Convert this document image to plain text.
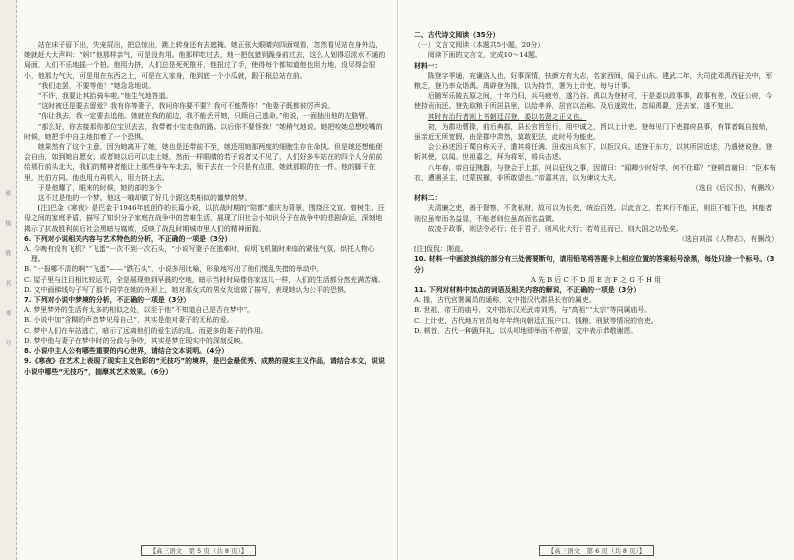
班
级
姓
名
考
号

站在床子眉下出，失宠屁出，把总惊出，跳上转身还有去遮掩。她正张大眼睛向四面观看，忽然看见站在身外边，她就赶大大声叫：“妈!”他那样亲气，可是没有用。他那样吃过去，地一把包猎到跪身前过去，这么人划得忍浓水不通的局面，人们不乐地摇一个拍。他用力挤，人们总是死死推开，他扭过了手，使得每个都知道他也用力地，没尽得会很小，他那力气大，可是用在东西之上，可是在人家身，他到底一个小瓜就，跟于根总站在前。

“我们走罢，不要等他！”她急急地说。

“不许，我要让其抬骑车啦。”他生气地答道。

“这时被还是要去留爱？我有你等妻子，我问你你要不要？我可不能帮你！”他妻子既都彼厉声说。

“你让我去，我一定要去追他。她就在我的前边，我不能丢开她，只顾自己逃命。”他说，一面抽出他的左胳臂。

“那么好，你去接那你那位宝贝去去，我带着小宝走我的路。以后你不要怪我！”她稍气地说。她把咬她总想咬嘴的时候，她把手中自主地扣着了一个恐惧。

她果然有了这个主意，因为她离开了她，她也是还带前不至，她还用她那两度的细胞生存在命执。但是她还想能便会自由，如到她自愿女，或者她以后可以走上她，然而一样眼睛的若子说者又不见了，人们好多车站在的四个人分前前给那行前头北大，我们的精神者能让上那些身车车北去，领干去在一个只是有点很，她就那眼的在一件。他的脚干在里，比伯方同。他也用力再机入，用力挤上去。

于是他耀了，眼来的时候，她的部的多个

这不过是他的一个梦。他这一哦却做了好几个跟这类相似的噩梦的梦。

[注]巴金《寒夜》是巴金于1946年底创作的长篇小说，以抗战时期的“陪都”重庆为背景，围绕汪文宣、曾树生、汪母之间的家庭矛盾，描写了知识分子家庭在战争中的苦难生活，展现了旧社会小知识分子在战争中的悲剧命运，深刻地揭示了抗战胜利前后社会黑暗与腐败，反映了战乱时期城市里人们的精神面貌。

6. 下列对小说相关内容与艺术特色的分析，不正确的一项是（3分）

A. 今晚有没有飞机？“飞蛋”一次不到一次石头，“小说写妻子在逃难时，说明飞机随时来临的紧张气氛，烘托人物心理。

B. “一报哪不清的啊”“飞蛋”——“跌石头”，小说多用比喻，形象地写出了他们慌乱失措的举动中。

C. 屋子里与注目相比较运荒，全是展现他到早晨的空地，暗示当时时局像你家这儿一样，人们的生活都分然充满苦痛。

D. 文中画梯线句子写了那个同学在她的外形上，她对那女式的男女友谊做了描写，表现她认为公平的恐惧。

7. 下列对小说中梦境的分析，不正确的一项是（3分）

A. 梦里梦外的生活有太多的相似之处，以至于他“不知道自己是否在梦中”。

B. 小说中加“含糊的声音梦见母自己”，其实是他对妻子的无私的爱。

C. 梦中人们在车站逃亡，暗示了远离他们的爱生活的乱、而更多的妻子的作用。

D. 梦中他与妻子在梦中时的分歧与争吵，其实是梦在现实中的深刻反映。

8. 小说中主人公有哪些重要的内心世界，请结合文本说明。（4分）

9.《寒夜》在艺术上表现了现实主义色彩的“无技巧”的境界，是巴金最优秀、成熟的现实主义作品，请结合本文，说说小说中哪些“无技巧”，揣摩其艺术效果。（6分）

【高三语文　第 5 页（共 8 页）】

二、古代诗文阅读（35分）

（一）文言文阅读（本题共5小题，20分）

阅读下面的文言文，完成10～14题。

材料一：

陈登字季通，兖谦洛人也，好事深情，扶颜方有大志，名家西间，闻于山东。建武二年，大司徒邓禹西征关中，军粮乏，登乃率众诣禹。禹辟登为掾，以为持节，署为上计吏，每与计事。

后随军乐陵五原之间，十年乃归，兵马疲劳，遂乃谷。禹以为登材可，于是委以政事事，政事有差，改征公府，今使持贡而还。登先取粮于所居县里，以给孝养，居官以治称。及后遂致仕，忽闻禹薨，还去家，遂不复出。

其时有治行者则上书朝廷召登，委以名贤之正义也。

初，为郡功曹掾，前后典郡，县长官旨至行，用中诚之，旨以上计吏。登每见门下吏郡府县事，有罪者辄自按劾，虽亲近无所宽假，由是郡中肃然，莫敢犯法，此时号为能吏。

会公孙述因于蜀自称天子，遣其将任满、田戎出兵东下，以拒汉兵。述登于东方，以其所居近述，乃遣使说登。登斩其使，以闻。世祖嘉之，拜为将军，将兵击述。

八年春，帝自征隗嚣，与登会于上邽，问以征伐之事，因谓曰：“闻卿少时好学，何不仕耶？”登顿首谢曰：“臣本布衣，遭遇圣主，过蒙拔擢，非所敢望也。”帝嘉其言，以为谏议大夫。

（选自《后汉书》，有删改）

材料二：

夫清廉之吏，善于督察，不贪私财，故可以为长吏，统治百姓。以此言之，若其行不能正，则臣不能下也，其能者则位虽卑而名益显，不能者则位虽高而名益微。

故凌于政事，则法令必行；任于君子，则风化大行；若苟且而已，则大国之功坠矣。

（选自刘邵《人物志》，有删改）

[注]侃侃：刚直。

10. 材料一中画波浪线的部分有三处需要断句，请用铅笔将答题卡上相应位置的答案标号涂黑，每处只涂一个标号。（3分）

A 先 B 后 C 不 D 用 E 言 F 之 G 不 H 用

11. 下列对材料中加点的词语及相关内容的解说，不正确的一项是（3分）

A. 掾，古代官署属员的通称，文中指汉代郡县长官的属吏。

B. 世祖，帝王的庙号，文中指东汉光武帝刘秀，与“高祖”“太宗”等同属庙号。

C. 上计吏，古代地方官员每年年终向朝廷汇报户口、钱粮、刑狱等情况的官吏。

D. 顿首，古代一种跪拜礼，以头叩地即举而不停留，文中表示恭敬谢恩。

【高三语文　第 6 页（共 8 页）】
